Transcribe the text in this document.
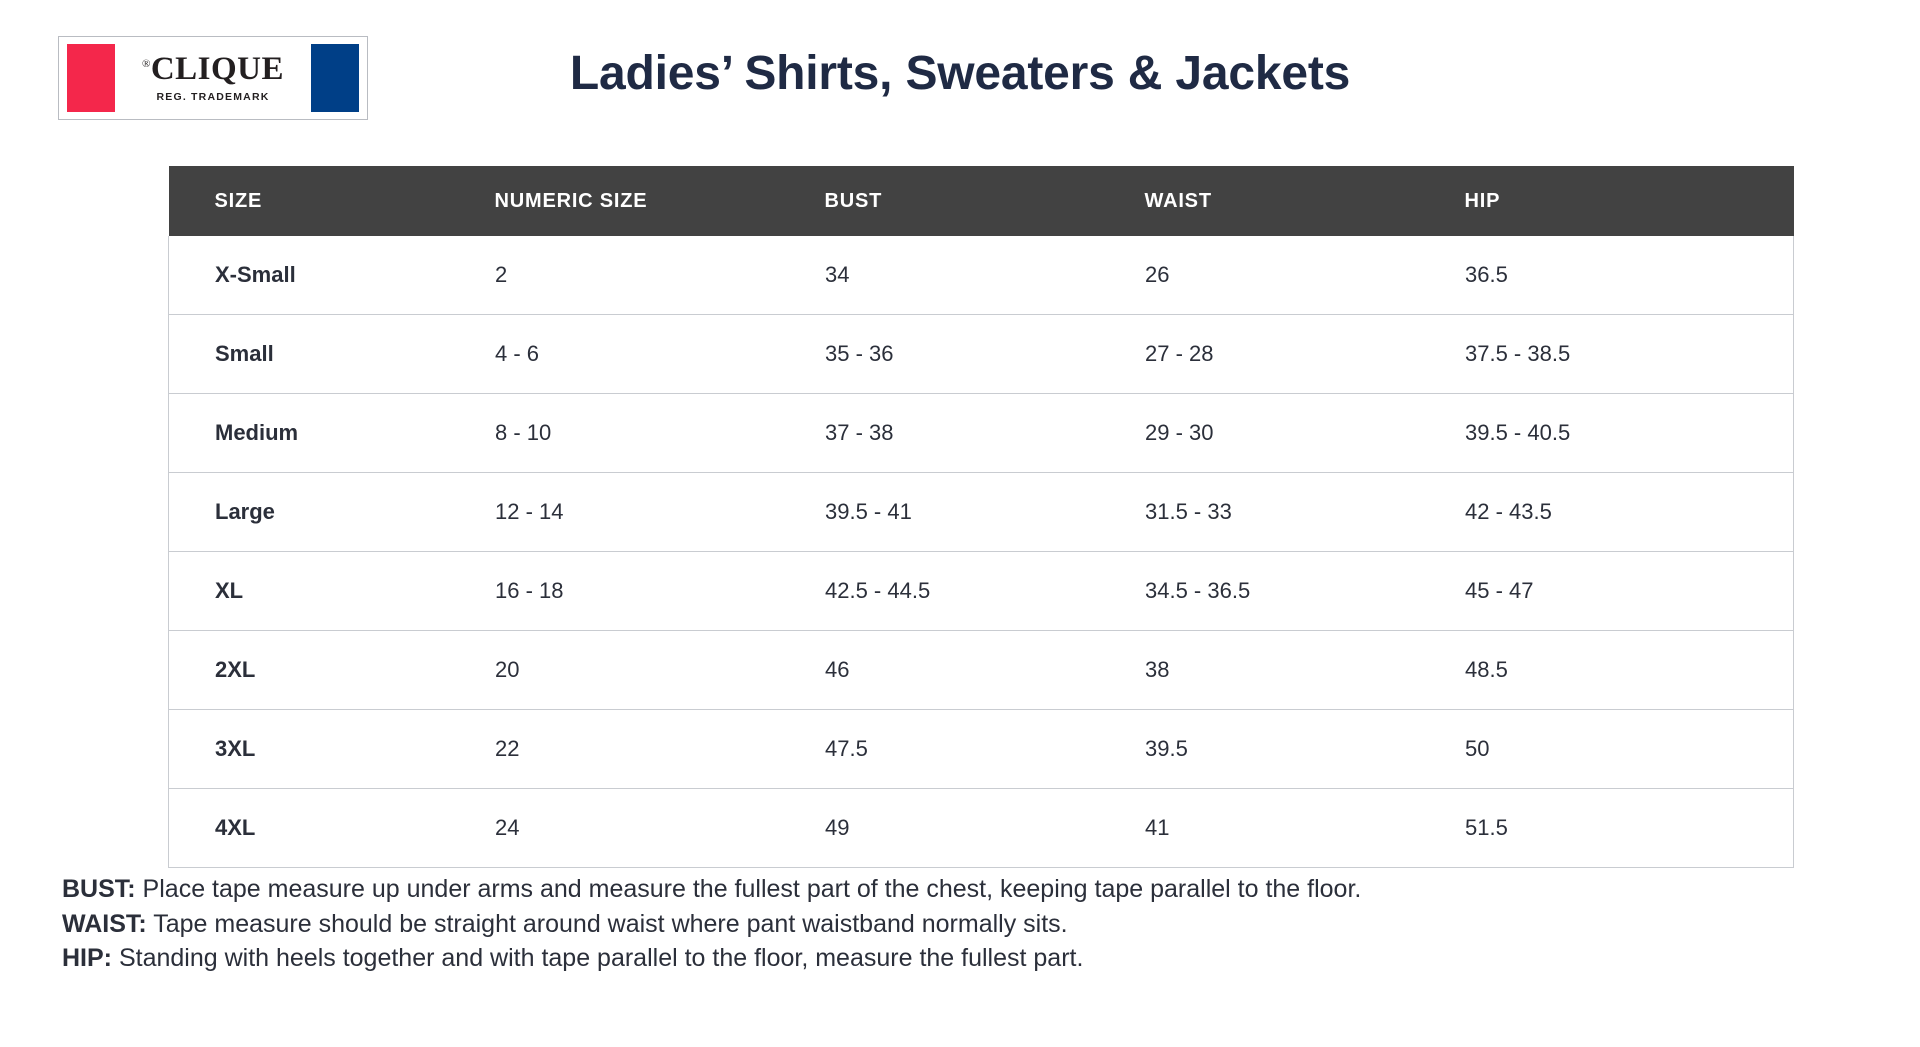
®CLIQUE
REG. TRADEMARK	Ladies’ Shirts, Sweaters & Jackets
SIZE	NUMERIC SIZE	BUST	WAIST	HIP
X-Small	2	34	26	36.5
Small	4 - 6	35 - 36	27 - 28	37.5 - 38.5
Medium	8 - 10	37 - 38	29 - 30	39.5 - 40.5
Large	12 - 14	39.5 - 41	31.5 - 33	42 - 43.5
XL	16 - 18	42.5 - 44.5	34.5 - 36.5	45 - 47
2XL	20	46	38	48.5
3XL	22	47.5	39.5	50
4XL	24	49	41	51.5
BUST: Place tape measure up under arms and measure the fullest part of the chest, keeping tape parallel to the floor.
WAIST: Tape measure should be straight around waist where pant waistband normally sits.
HIP: Standing with heels together and with tape parallel to the floor, measure the fullest part.
